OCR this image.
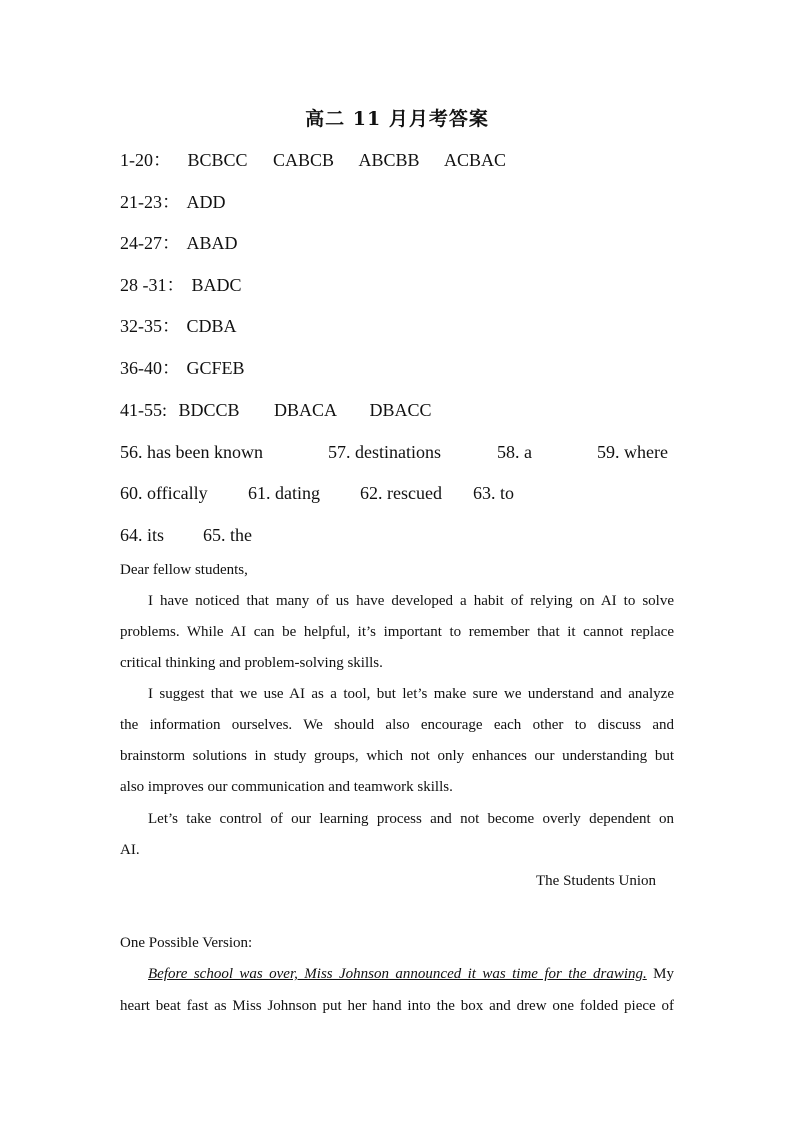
高二 11 月月考答案
1-20： BCBCC CABCB ABCBB ACBAC
21-23： ADD
24-27： ABAD
28 -31： BADC
32-35： CDBA
36-40： GCFEB
41-55: BDCCB DBACA DBACC
56. has been known	57. destinations	58. a	59. where
60. offically 61. dating 62. rescued 63. to
64. its 65. the
Dear fellow students,
I have noticed that many of us have developed a habit of relying on AI to solve
problems. While AI can be helpful, it’s important to remember that it cannot replace
critical thinking and problem-solving skills.
I suggest that we use AI as a tool, but let’s make sure we understand and analyze
the information ourselves. We should also encourage each other to discuss and
brainstorm solutions in study groups, which not only enhances our understanding but
also improves our communication and teamwork skills.
Let’s take control of our learning process and not become overly dependent on
AI.
The Students Union
One Possible Version:
Before school was over, Miss Johnson announced it was time for the drawing. My
heart beat fast as Miss Johnson put her hand into the box and drew one folded piece of
